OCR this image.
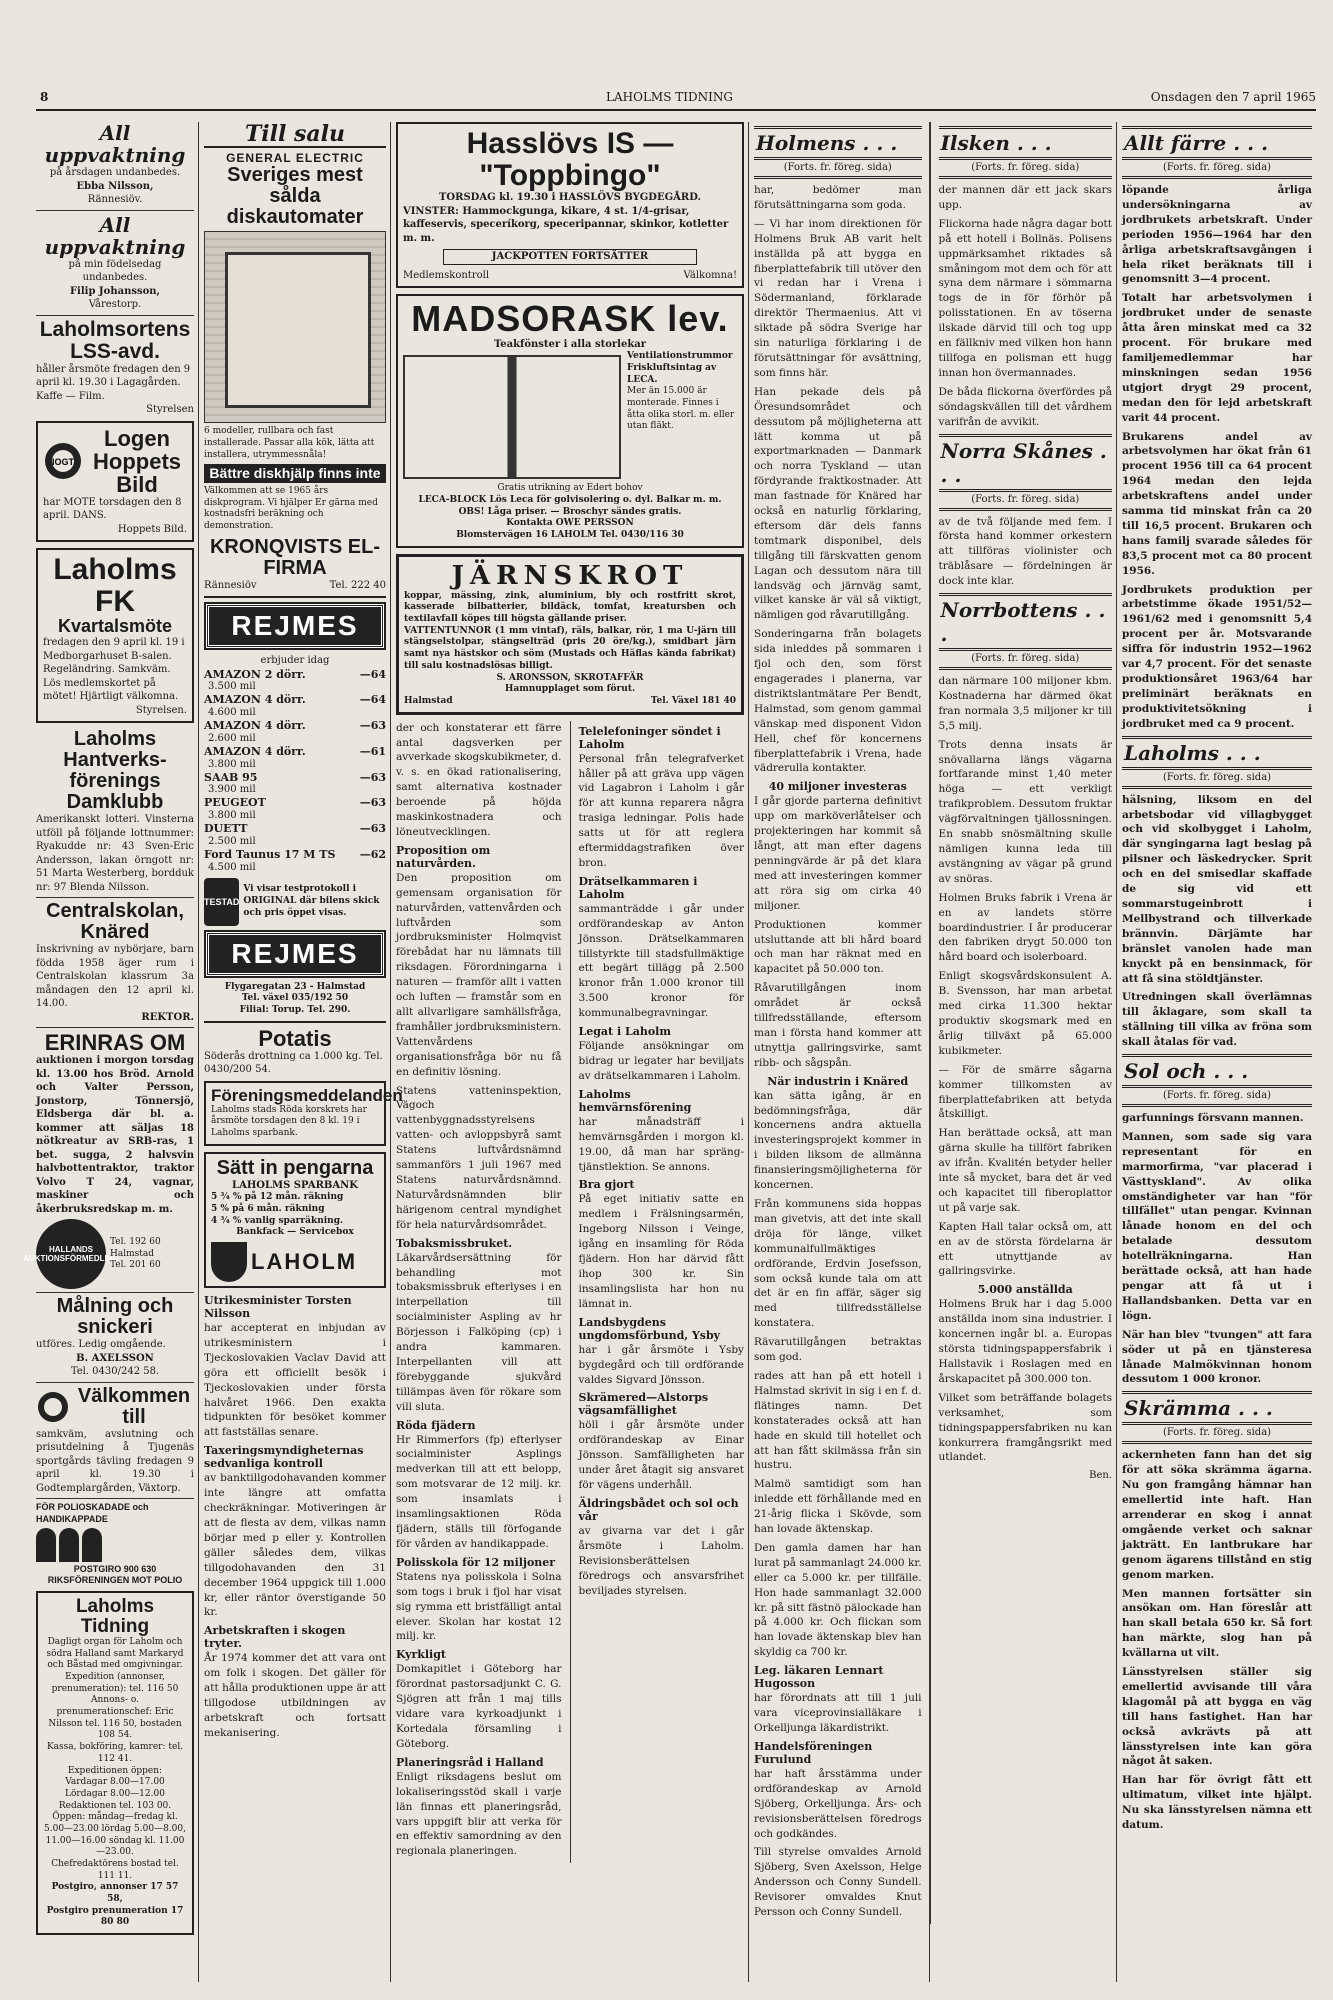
8	LAHOLMS TIDNING	Onsdagen den 7 april 1965
All uppvaktning
på årsdagen undanbedes.
Ebba Nilsson,
Rännesiöv.
All uppvaktning
på min födelsedag undanbedes.
Filip Johansson,
Vårestorp.
Laholmsortens LSS-avd.
håller årsmöte fredagen den 9 april kl. 19.30 i Lagagården. Kaffe — Film.
Styrelsen
IOGT
Logen Hoppets Bild
har MOTE torsdagen den 8 april. DANS.
Hoppets Bild.
Laholms FK
Kvartalsmöte
fredagen den 9 april kl. 19 i Medborgarhuset B-salen. Regeländring. Samkväm. Lös medlemskortet på mötet! Hjärtligt välkomna.
Styrelsen.
Laholms Hantverks-förenings Damklubb
Amerikanskt lotteri. Vinsterna utföll på följande lottnummer: Ryakudde nr: 43 Sven-Eric Andersson, lakan örngott nr: 51 Marta Westerberg, bordduk nr: 97 Blenda Nilsson.
Centralskolan, Knäred
Inskrivning av nybörjare, barn födda 1958 äger rum i Centralskolan klassrum 3a måndagen den 12 april kl. 14.00.
REKTOR.
ERINRAS OM
auktionen i morgon torsdag kl. 13.00 hos Bröd. Arnold och Valter Persson, Jonstorp, Tönnersjö, Eldsberga där bl. a. kommer att säljas 18 nötkreatur av SRB-ras, 1 bet. sugga, 2 halvsvin halvbottentraktor, traktor Volvo T 24, vagnar, maskiner och åkerbruksredskap m. m.
HALLANDS AUKTIONSFÖRMEDLING
Tel. 192 60 Halmstad
Tel. 201 60
Målning och snickeri
utföres. Ledig omgående.
B. AXELSSON
Tel. 0430/242 58.
Välkommen till
samkväm, avslutning och prisutdelning å Tjugenäs sportgårds tävling fredagen 9 april kl. 19.30 i Godtemplargården, Växtorp.
FÖR POLIOSKADADE och HANDIKAPPADE
POSTGIRO 900 630
RIKSFÖRENINGEN MOT POLIO
Laholms Tidning
Dagligt organ för Laholm och södra Halland samt Markaryd och Båstad med omgivningar.
Expedition (annonser, prenumeration): tel. 116 50
Annons- o. prenumerationschef: Eric Nilsson tel. 116 50, bostaden 108 54.
Kassa, bokföring, kamrer: tel. 112 41.
Expeditionen öppen:
Vardagar 8.00—17.00
Lördagar 8.00—12.00
Redaktionen tel. 103 00.
Öppen: måndag—fredag kl. 5.00—23.00 lördag 5.00—8.00, 11.00—16.00 söndag kl. 11.00—23.00.
Chefredaktörens bostad tel. 111 11.
Postgiro, annonser 17 57 58,
Postgiro prenumeration 17 80 80
Till salu
GENERAL ELECTRIC
Sveriges mest sålda diskautomater
6 modeller, rullbara och fast installerade. Passar alla kök, lätta att installera, utrymmessnåla!
Bättre diskhjälp finns inte
Välkommen att se 1965 års diskprogram. Vi hjälper Er gärna med kostnadsfri beräkning och demonstration.
KRONQVISTS EL-FIRMA
Rännesiöv	Tel. 222 40
REJMES
erbjuder idag
AMAZON 2 dörr.	—64
3.500 mil
AMAZON 4 dörr.	—64
4.600 mil
AMAZON 4 dörr.	—63
2.600 mil
AMAZON 4 dörr.	—61
3.800 mil
SAAB 95	—63
3.900 mil
PEUGEOT	—63
3.800 mil
DUETT	—63
2.500 mil
Ford Taunus 17 M TS —62
4.500 mil
TESTAD
Vi visar testprotokoll i ORIGINAL där bilens skick och pris öppet visas.
REJMES
Flygaregatan 23 - Halmstad
Tel. växel 035/192 50
Filial: Torup. Tel. 290.
Potatis
Söderås drottning ca 1.000 kg. Tel. 0430/200 54.
Föreningsmeddelanden
Laholms stads Röda korskrets har årsmöte torsdagen den 8 kl. 19 i Laholms sparbank.
Sätt in pengarna
LAHOLMS SPARBANK
5 ¾ % på 12 mån. räkning
5 % på 6 mån. räkning
4 ¾ % vanlig sparräkning.
Bankfack — Servicebox
LAHOLM
Utrikesminister Torsten Nilsson

har accepterat en inbjudan av utrikesministern i Tjeckoslovakien Vaclav David att göra ett officiellt besök i Tjeckoslovakien under första halvåret 1966. Den exakta tidpunkten för besöket kommer att fastställas senare.

Taxeringsmyndigheternas sedvanliga kontroll

av banktillgodohavanden kommer inte längre att omfatta checkräkningar. Motiveringen är att de flesta av dem, vilkas namn börjar med p eller y. Kontrollen gäller således dem, vilkas tillgodohavanden den 31 december 1964 uppgick till 1.000 kr, eller räntor överstigande 50 kr.

Arbetskraften i skogen tryter.

År 1974 kommer det att vara ont om folk i skogen. Det gäller för att hålla produktionen uppe är att tillgodose utbildningen av arbetskraft och fortsatt mekanisering.

Hasslövs IS — "Toppbingo"
TORSDAG kl. 19.30 i HASSLÖVS BYGDEGÅRD.
VINSTER: Hammockgunga, kikare, 4 st. 1/4-grisar, kaffeservis, speceríkorg, speceripannar, skinkor, kotletter m. m.
JACKPOTTEN FORTSÄTTER
Medlemskontroll	Välkomna!
MADSORASK lev.
Teakfönster i alla storlekar
Ventilationstrummor Friskluftsintag av LECA.
Mer än 15.000 är monterade. Finnes i åtta olika storl. m. eller utan fläkt.
Gratis utrikning av Edert bohov
LECA-BLOCK Lös Leca för golvisolering o. dyl. Balkar m. m.
OBS! Låga priser. — Broschyr sändes gratis.
Kontakta OWE PERSSON
Blomstervägen 16 LAHOLM Tel. 0430/116 30
JÄRNSKROT
koppar, mässing, zink, aluminium, bly och rostfritt skrot, kasserade bilbatterier, bildäck, tomfat, kreatursben och textilavfall köpes till högsta gällande priser.
VATTENTUNNOR (1 mm vintaf), räls, balkar, rör, 1 ma U-järn till stängselstolpar, stängselträd (pris 20 öre/kg.), smidbart järn samt nya hästskor och söm (Mustads och Häflas kända fabrikat) till salu kostnadslösas billigt.
S. ARONSSON, SKROTAFFÄR
Hamnupplaget som förut.
Halmstad	Tel. Växel 181 40

der och konstaterar ett färre antal dagsverken per avverkade skogskubikmeter, d. v. s. en ökad rationalisering, samt alternativa kostnader beroende på höjda maskinkostnadera och löneutvecklingen.

Proposition om naturvården.

Den proposition om gemensam organisation för naturvården, vattenvården och luftvården som jordbruksminister Holmqvist förebådat har nu lämnats till riksdagen. Förordningarna i naturen — framför allt i vatten och luften — framstår som en allt allvarligare samhällsfråga, framhåller jordbruksministern. Vattenvårdens organisationsfråga bör nu få en definitiv lösning.

Statens vatteninspektion, Vägoch vattenbyggnadsstyrelsens vatten- och avloppsbyrå samt Statens luftvårdsnämnd sammanförs 1 juli 1967 med Statens naturvårdsnämnd. Naturvårdsnämnden blir härigenom central myndighet för hela naturvårdsområdet.

Tobaksmissbruket.

Läkarvårdsersättning för behandling mot tobaksmissbruk efterlyses i en interpellation till socialminister Aspling av hr Börjesson i Falköping (cp) i andra kammaren. Interpellanten vill att förebyggande sjukvård tillämpas även för rökare som vill sluta.

Röda fjädern

Hr Rimmerfors (fp) efterlyser socialminister Asplings medverkan till att ett belopp, som motsvarar de 12 milj. kr. som insamlats i insamlingsaktionen Röda fjädern, ställs till förfogande för vården av handikappade.

Polisskola för 12 miljoner

Statens nya polisskola i Solna som togs i bruk i fjol har visat sig rymma ett bristfälligt antal elever. Skolan har kostat 12 milj. kr.

Kyrkligt

Domkapitlet i Göteborg har förordnat pastorsadjunkt C. G. Sjögren att från 1 maj tills vidare vara kyrkoadjunkt i Kortedala församling i Göteborg.

Planeringsråd i Halland

Enligt riksdagens beslut om lokaliseringsstöd skall i varje län finnas ett planeringsråd, vars uppgift blir att verka för en effektiv samordning av den regionala planeringen.

Telelefoninger söndet i Laholm

Personal från telegrafverket håller på att gräva upp vägen vid Lagabron i Laholm i går för att kunna reparera några trasiga ledningar. Polis hade satts ut för att reglera eftermiddagstrafiken över bron.

Drätselkammaren i Laholm

sammanträdde i går under ordförandeskap av Anton Jönsson. Drätselkammaren tillstyrkte till stadsfullmäktige ett begärt tillägg på 2.500 kronor från 1.000 kronor till 3.500 kronor för kommunalbegravningar.

Legat i Laholm

Följande ansökningar om bidrag ur legater har beviljats av drätselkammaren i Laholm.

Laholms hemvärnsförening

har månadsträff i hemvärnsgården i morgon kl. 19.00, då man har spräng-tjänstlektion. Se annons.

Bra gjort

På eget initiativ satte en medlem i Frälsningsarmén, Ingeborg Nilsson i Veinge, igång en insamling för Röda fjädern. Hon har därvid fått ihop 300 kr. Sin insamlingslista har hon nu lämnat in.

Landsbygdens ungdomsförbund, Ysby

har i går årsmöte i Ysby bygdegård och till ordförande valdes Sigvard Jönsson.

Skrämered—Alstorps vägsamfällighet

höll i går årsmöte under ordförandeskap av Einar Jönsson. Samfälligheten har under året åtagit sig ansvaret för vägens underhåll.

Äldringsbådet och sol och vår

av givarna var det i går årsmöte i Laholm. Revisionsberättelsen föredrogs och ansvarsfrihet beviljades styrelsen.

Holmens . . .
(Forts. fr. föreg. sida)

har, bedömer man förutsättningarna som goda.

— Vi har inom direktionen för Holmens Bruk AB varit helt inställda på att bygga en fiberplattefabrik till utöver den vi redan har i Vrena i Södermanland, förklarade direktör Thermaenius. Att vi siktade på södra Sverige har sin naturliga förklaring i de förutsättningar för avsättning, som finns här.

Han pekade dels på Öresundsområdet och dessutom på möjligheterna att lätt komma ut på exportmarknaden — Danmark och norra Tyskland — utan fördyrande fraktkostnader. Att man fastnade för Knäred har också en naturlig förklaring, eftersom där dels fanns tomtmark disponibel, dels tillgång till färskvatten genom Lagan och dessutom nära till landsväg och järnväg samt, vilket kanske är väl så viktigt, nämligen god råvarutillgång.

Sonderingarna från bolagets sida inleddes på sommaren i fjol och den, som först engagerades i planerna, var distriktslantmätare Per Bendt, Halmstad, som genom gammal vänskap med disponent Vidon Hell, chef för koncernens fiberplattefabrik i Vrena, hade vädrerulla kontakter.

40 miljoner investeras

I går gjorde parterna definitivt upp om marköverlåtelser och projekteringen har kommit så långt, att man efter dagens penningvärde är på det klara med att investeringen kommer att röra sig om cirka 40 miljoner.

Produktionen kommer utsluttande att bli hård board och man har räknat med en kapacitet på 50.000 ton.

Råvarutillgången inom området är också tillfredsställande, eftersom man i första hand kommer att utnyttja gallringsvirke, samt ribb- och sågspån.

När industrin i Knäred

kan sätta igång, är en bedömningsfråga, där koncernens andra aktuella investeringsprojekt kommer in i bilden liksom de allmänna finansieringsmöjligheterna för koncernen.

Från kommunens sida hoppas man givetvis, att det inte skall dröja för länge, vilket kommunalfullmäktiges ordförande, Erdvin Josefsson, som också kunde tala om att det är en fin affär, säger sig med tillfredsställelse konstatera.

Rävarutillgången betraktas som god.

rades att han på ett hotell i Halmstad skrivit in sig i en f. d. flätinges namn. Det konstaterades också att han hade en skuld till hotellet och att han fått skilmässa från sin hustru.

Malmö samtidigt som han inledde ett förhållande med en 21-årig flicka i Skövde, som han lovade äktenskap.

Den gamla damen har han lurat på sammanlagt 24.000 kr. eller ca 5.000 kr. per tillfälle. Hon hade sammanlagt 32.000 kr. på sitt fästnö pälockade han på 4.000 kr. Och flickan som han lovade äktenskap blev han skyldig ca 700 kr.

Leg. läkaren Lennart Hugosson

har förordnats att till 1 juli vara viceprovinsialläkare i Orkelljunga läkardistrikt.

Handelsföreningen Furulund

har haft årsstämma under ordförandeskap av Arnold Sjöberg, Orkelljunga. Års- och revisionsberättelsen föredrogs och godkändes.

Till styrelse omvaldes Arnold Sjöberg, Sven Axelsson, Helge Andersson och Conny Sundell. Revisorer omvaldes Knut Persson och Conny Sundell.

Ilsken . . .
(Forts. fr. föreg. sida)

der mannen där ett jack skars upp.

Flickorna hade några dagar bott på ett hotell i Bollnäs. Polisens uppmärksamhet riktades så småningom mot dem och för att syna dem närmare i sömmarna togs de in för förhör på polisstationen. En av töserna ilskade därvid till och tog upp en fällkniv med vilken hon hann tillfoga en polisman ett hugg innan hon övermannades.

De båda flickorna överfördes på söndagskvällen till det vårdhem varifrån de avvikit.

Norra Skånes . . .
(Forts. fr. föreg. sida)

av de två följande med fem. I första hand kommer orkestern att tillföras violinister och träblåsare — fördelningen är dock inte klar.

Norrbottens . . .
(Forts. fr. föreg. sida)

dan närmare 100 miljoner kbm. Kostnaderna har därmed ökat fran normala 3,5 miljoner kr till 5,5 milj.

Trots denna insats är snövallarna längs vägarna fortfarande minst 1,40 meter höga — ett verkligt trafikproblem. Dessutom fruktar vägförvaltningen tjällossningen. En snabb snösmältning skulle nämligen kunna leda till avstängning av vägar på grund av snöras.

Holmen Bruks fabrik i Vrena är en av landets större boardindustrier. I år producerar den fabriken drygt 50.000 ton hård board och isolerboard.

Enligt skogsvårdskonsulent A. B. Svensson, har man arbetat med cirka 11.300 hektar produktiv skogsmark med en årlig tillväxt på 65.000 kubikmeter.

— För de smärre sågarna kommer tillkomsten av fiberplattefabriken att betyda åtskilligt.

Han berättade också, att man gärna skulle ha tillfört fabriken av ifrån. Kvalitén betyder heller inte så mycket, bara det är ved och kapacitet till fiberoplattor ut på varje sak.

Kapten Hall talar också om, att en av de största fördelarna är ett utnyttjande av gallringsvirke.

5.000 anställda

Holmens Bruk har i dag 5.000 anställda inom sina industrier. I koncernen ingår bl. a. Europas största tidningspappersfabrik i Hallstavik i Roslagen med en årskapacitet på 300.000 ton.

Vilket som beträffande bolagets verksamhet, som tidningspappersfabriken nu kan konkurrera framgångsrikt med utlandet.

Ben.
Allt färre . . .
(Forts. fr. föreg. sida)

löpande årliga undersökningarna av jordbrukets arbetskraft. Under perioden 1956—1964 har den årliga arbetskraftsavgången i hela riket beräknats till i genomsnitt 3—4 procent.

Totalt har arbetsvolymen i jordbruket under de senaste åtta åren minskat med ca 32 procent. För brukare med familjemedlemmar har minskningen sedan 1956 utgjort drygt 29 procent, medan den för lejd arbetskraft varit 44 procent.

Brukarens andel av arbetsvolymen har ökat från 61 procent 1956 till ca 64 procent 1964 medan den lejda arbetskraftens andel under samma tid minskat från ca 20 till 16,5 procent. Brukaren och hans familj svarade således för 83,5 procent mot ca 80 procent 1956.

Jordbrukets produktion per arbetstimme ökade 1951/52—1961/62 med i genomsnitt 5,4 procent per år. Motsvarande siffra för industrin 1952—1962 var 4,7 procent. För det senaste produktionsåret 1963/64 har preliminärt beräknats en produktivitetsökning i jordbruket med ca 9 procent.

Laholms . . .
(Forts. fr. föreg. sida)

hälsning, liksom en del arbetsbodar vid villagbygget och vid skolbygget i Laholm, där syngingarna lagt beslag på pilsner och läskedrycker. Sprit och en del smisedlar skaffade de sig vid ett sommarstugeinbrott i Mellbystrand och tillverkade brännvin. Därjämte har bränslet vanolen hade man knyckt på en bensinmack, för att få sina stöldtjänster.

Utredningen skall överlämnas till åklagare, som skall ta ställning till vilka av fröna som skall åtalas för vad.

Sol och . . .
(Forts. fr. föreg. sida)

garfunnings försvann mannen.

Mannen, som sade sig vara representant för en marmorfirma, "var placerad i Västtyskland". Av olika omständigheter var han "för tillfället" utan pengar. Kvinnan lånade honom en del och betalade dessutom hotellräkningarna. Han berättade också, att han hade pengar att få ut i Hallandsbanken. Detta var en lögn.

När han blev "tvungen" att fara söder ut på en tjänsteresa lånade Malmökvinnan honom dessutom 1 000 kronor.

Skrämma . . .
(Forts. fr. föreg. sida)

ackernheten fann han det sig för att söka skrämma ägarna. Nu gon framgång hämnar han emellertid inte haft. Han arrenderar en skog i annat omgående verket och saknar jakträtt. En lantbrukare har genom ägarens tillstånd en stig genom marken.

Men mannen fortsätter sin ansökan om. Han föreslår att han skall betala 650 kr. Så fort han märkte, slog han på kvällarna ut vilt.

Länsstyrelsen ställer sig emellertid avvisande till våra klagomål på att bygga en väg till hans fastighet. Han har också avkrävts på att länsstyrelsen inte kan göra något åt saken.

Han har för övrigt fått ett ultimatum, vilket inte hjälpt. Nu ska länsstyrelsen nämna ett datum.
